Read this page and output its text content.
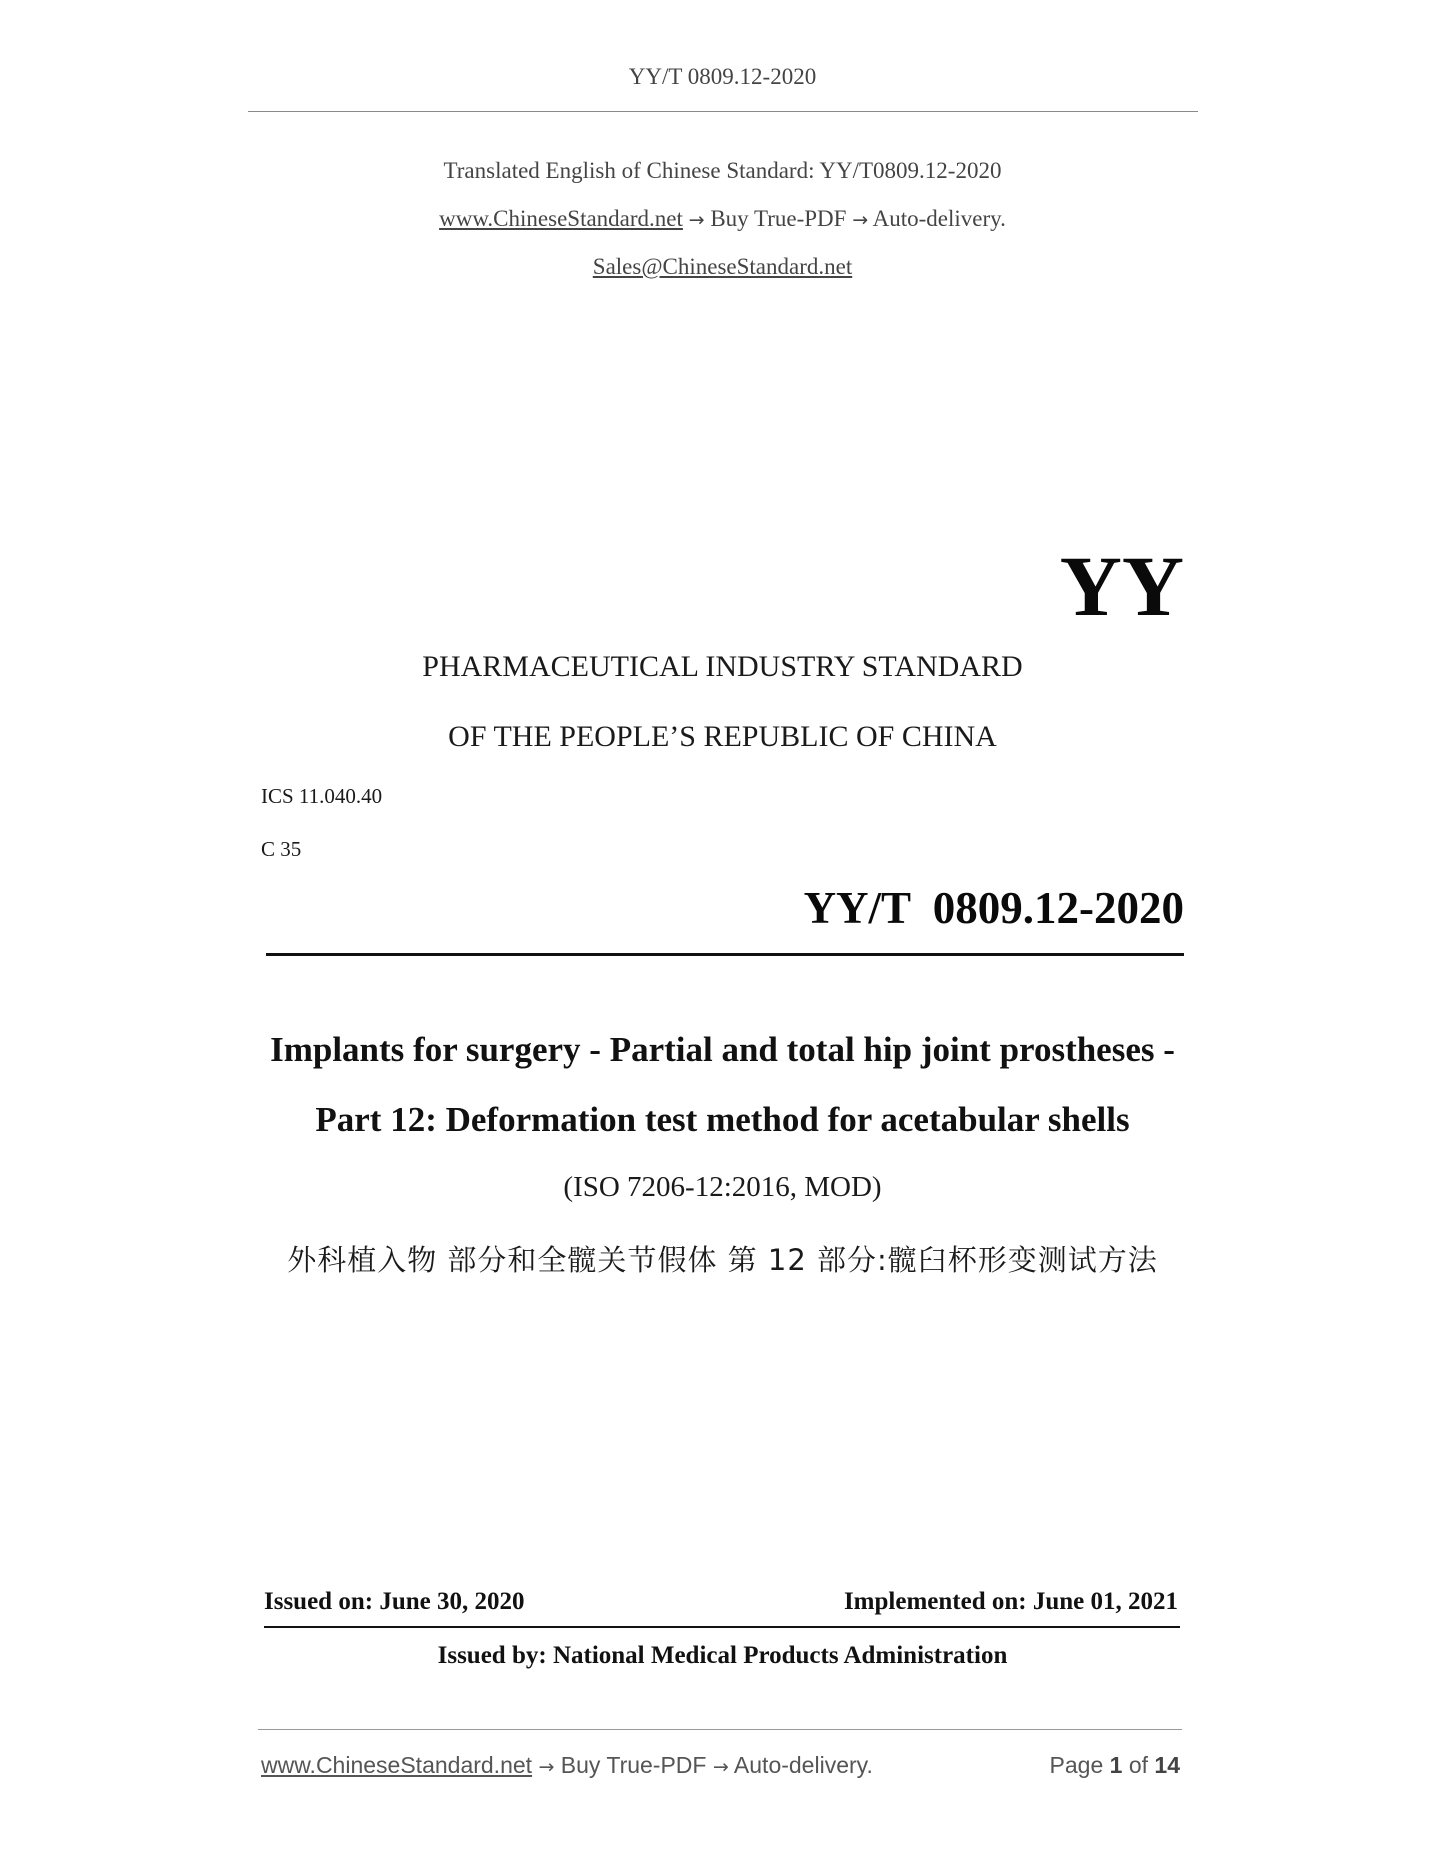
YY/T 0809.12-2020
Translated English of Chinese Standard: YY/T0809.12-2020
www.ChineseStandard.net → Buy True-PDF → Auto-delivery.
Sales@ChineseStandard.net
YY
PHARMACEUTICAL INDUSTRY STANDARD
OF THE PEOPLE’S REPUBLIC OF CHINA
ICS 11.040.40
C 35
YY/T  0809.12-2020
Implants for surgery - Partial and total hip joint prostheses -
Part 12: Deformation test method for acetabular shells
(ISO 7206-12:2016, MOD)
外科植入物 部分和全髋关节假体 第 12 部分:髋臼杯形变测试方法
Issued on: June 30, 2020	Implemented on: June 01, 2021
Issued by: National Medical Products Administration
www.ChineseStandard.net → Buy True-PDF → Auto-delivery.	Page 1 of 14
